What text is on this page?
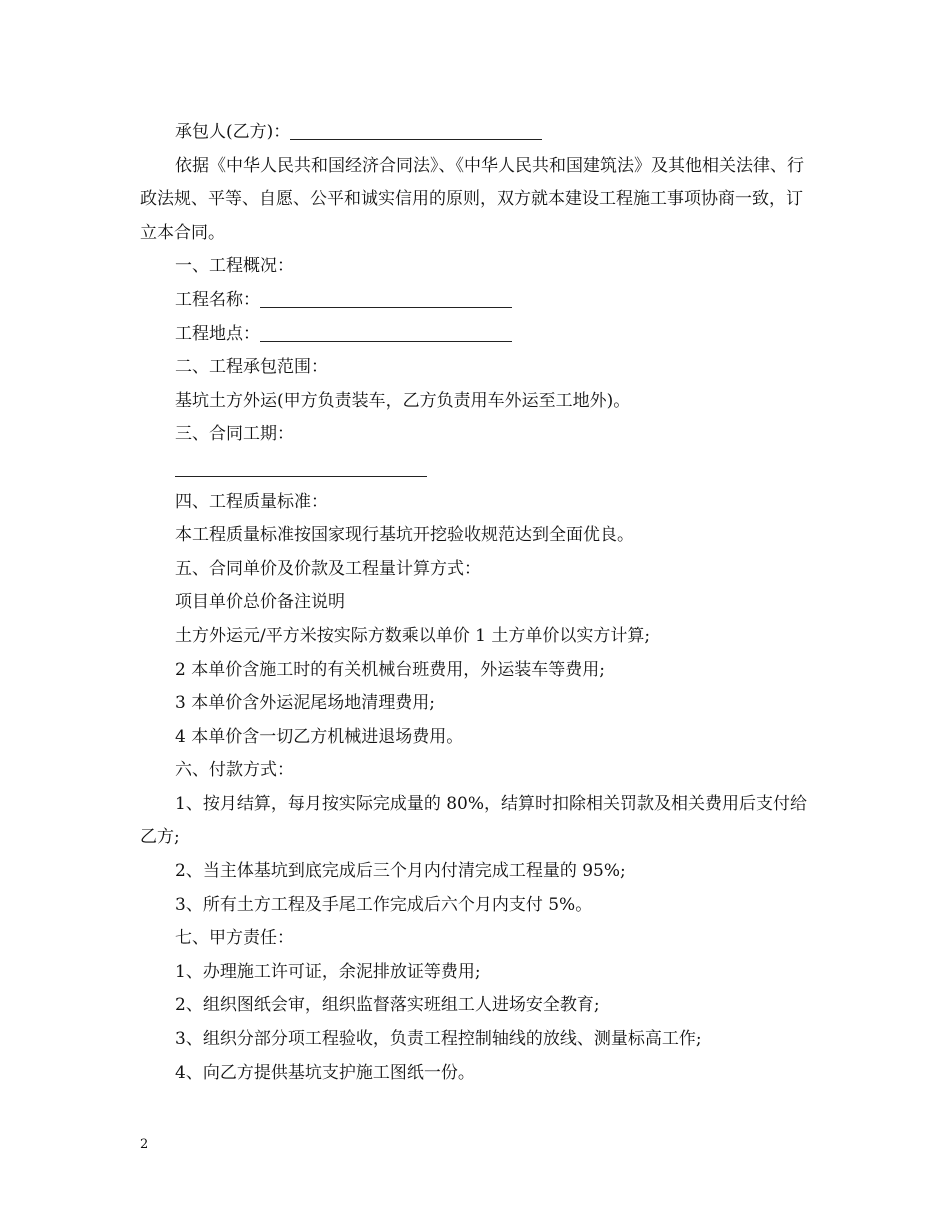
承包人(乙方)：
依据《中华人民共和国经济合同法》、《中华人民共和国建筑法》及其他相关法律、行政法规、平等、自愿、公平和诚实信用的原则，双方就本建设工程施工事项协商一致，订立本合同。
一、工程概况：
工程名称：
工程地点：
二、工程承包范围：
基坑土方外运(甲方负责装车，乙方负责用车外运至工地外)。
三、合同工期：
四、工程质量标准：
本工程质量标准按国家现行基坑开挖验收规范达到全面优良。
五、合同单价及价款及工程量计算方式：
项目单价总价备注说明
土方外运元/平方米按实际方数乘以单价 1 土方单价以实方计算;
2 本单价含施工时的有关机械台班费用，外运装车等费用;
3 本单价含外运泥尾场地清理费用;
4 本单价含一切乙方机械进退场费用。
六、付款方式：
1、按月结算，每月按实际完成量的 80%，结算时扣除相关罚款及相关费用后支付给乙方;
2、当主体基坑到底完成后三个月内付清完成工程量的 95%;
3、所有土方工程及手尾工作完成后六个月内支付 5%。
七、甲方责任：
1、办理施工许可证，余泥排放证等费用;
2、组织图纸会审，组织监督落实班组工人进场安全教育;
3、组织分部分项工程验收，负责工程控制轴线的放线、测量标高工作;
4、向乙方提供基坑支护施工图纸一份。
2
